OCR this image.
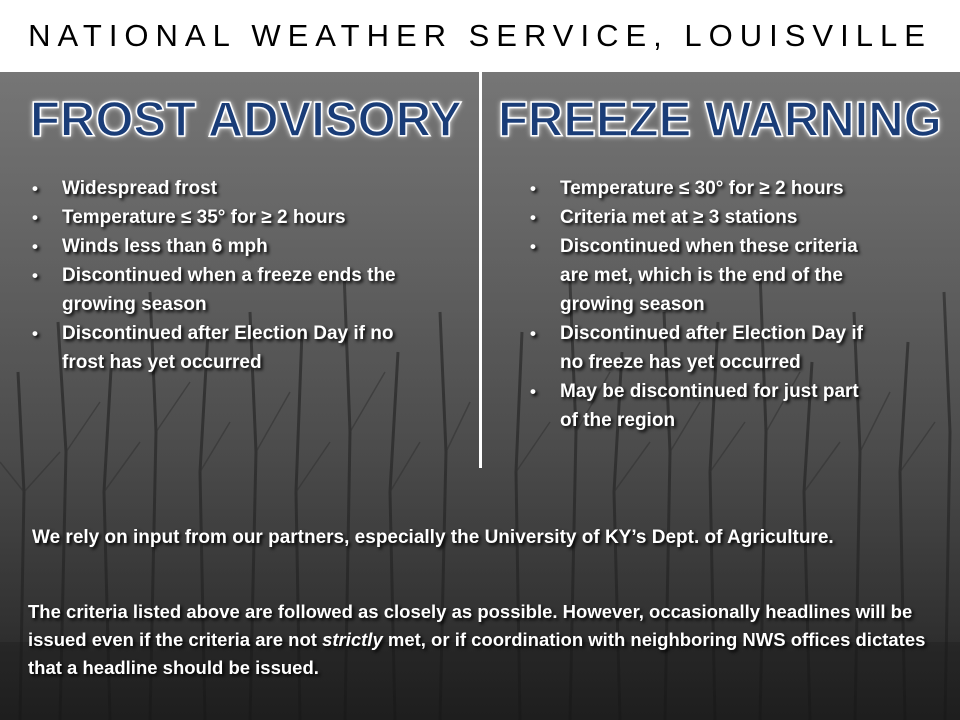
NATIONAL WEATHER SERVICE, LOUISVILLE
FROST ADVISORY FREEZE WARNING
• Widespread frost
• Temperature ≤ 35° for ≥ 2 hours
• Winds less than 6 mph
• Discontinued when a freeze ends the
growing season
• Discontinued after Election Day if no
frost has yet occurred
• Temperature ≤ 30° for ≥ 2 hours
• Criteria met at ≥ 3 stations
• Discontinued when these criteria
are met, which is the end of the
growing season
• Discontinued after Election Day if
no freeze has yet occurred
• May be discontinued for just part
of the region
We rely on input from our partners, especially the University of KY’s Dept. of Agriculture.
The criteria listed above are followed as closely as possible. However, occasionally headlines will be issued even if the criteria are not strictly met, or if coordination with neighboring NWS offices dictates that a headline should be issued.
